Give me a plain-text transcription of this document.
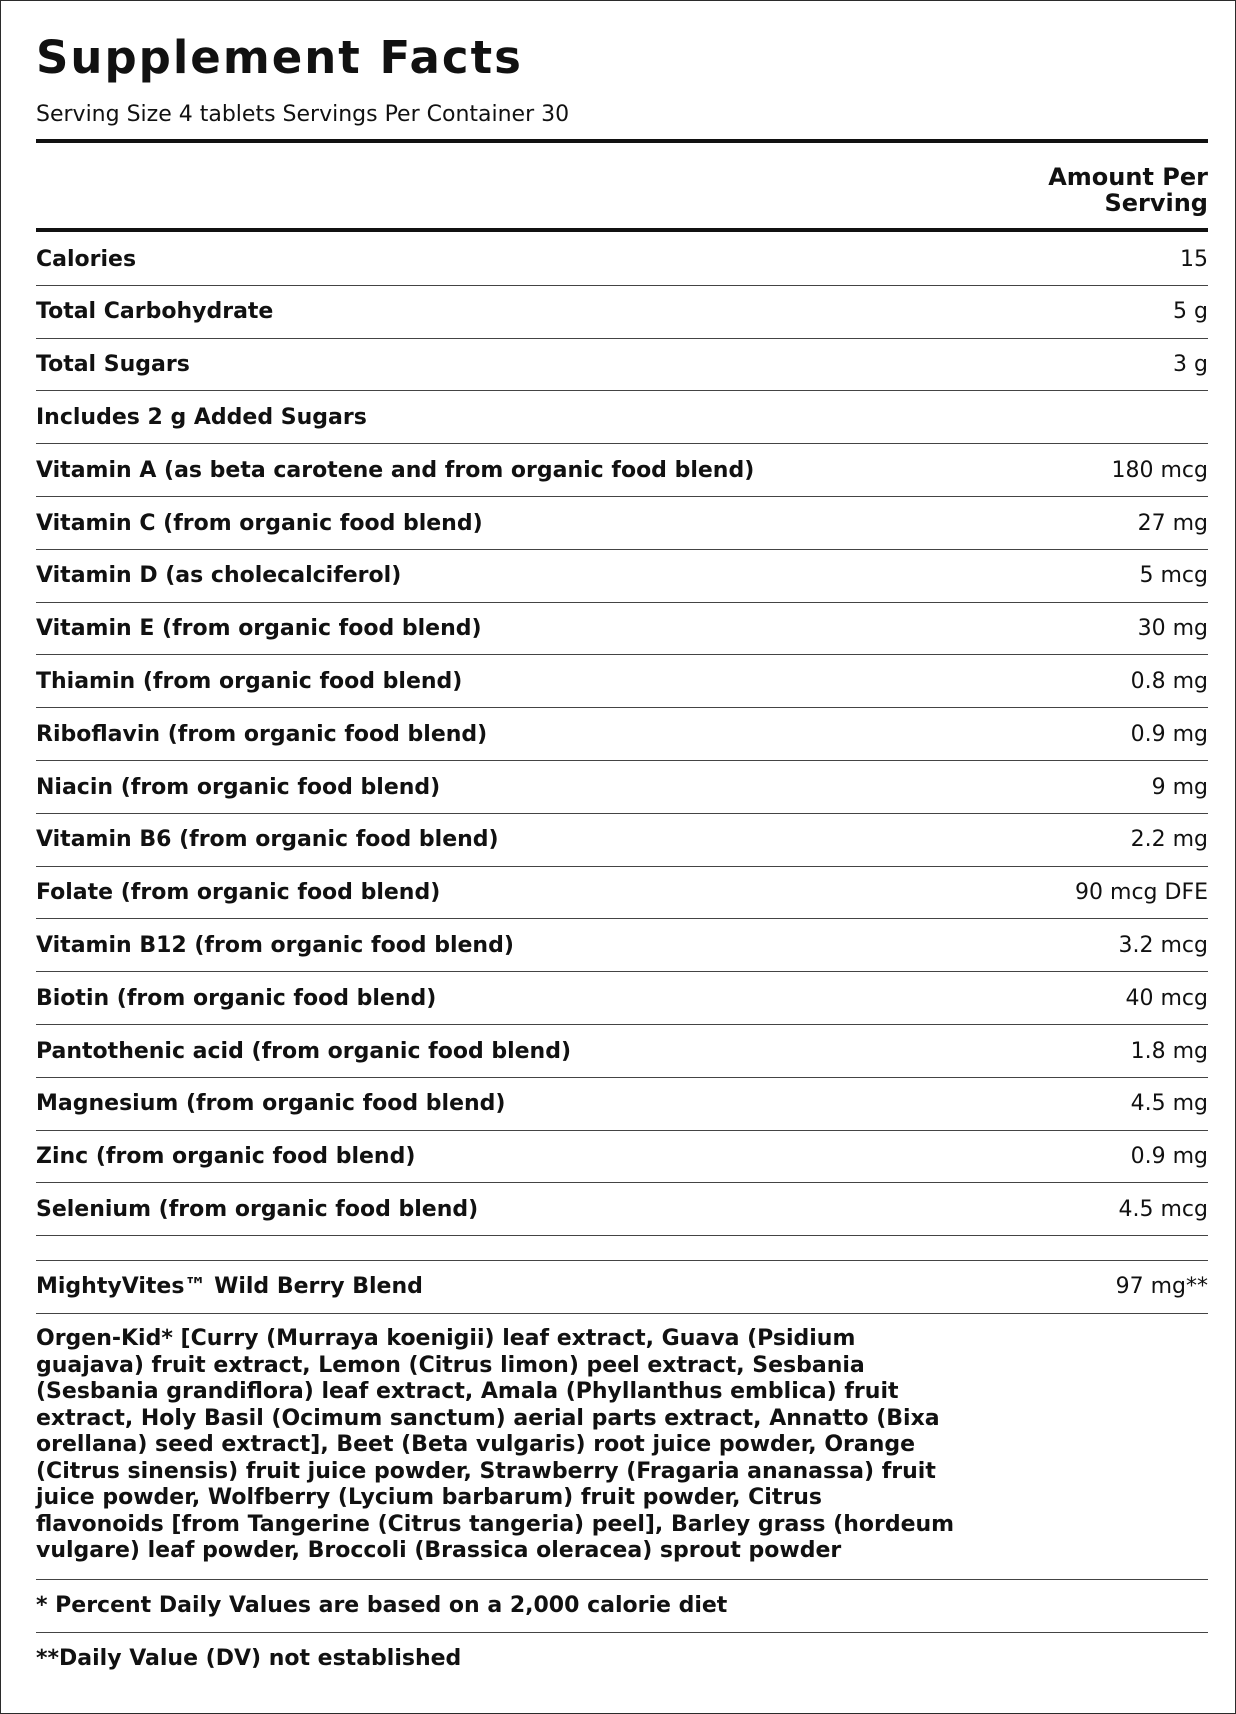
Supplement Facts
Serving Size 4 tablets Servings Per Container 30
Amount Per
Serving
Calories	15
Total Carbohydrate	5 g
Total Sugars	3 g
Includes 2 g Added Sugars
Vitamin A (as beta carotene and from organic food blend)	180 mcg
Vitamin C (from organic food blend)	27 mg
Vitamin D (as cholecalciferol)	5 mcg
Vitamin E (from organic food blend)	30 mg
Thiamin (from organic food blend)	0.8 mg
Riboflavin (from organic food blend)	0.9 mg
Niacin (from organic food blend)	9 mg
Vitamin B6 (from organic food blend)	2.2 mg
Folate (from organic food blend)	90 mcg DFE
Vitamin B12 (from organic food blend)	3.2 mcg
Biotin (from organic food blend)	40 mcg
Pantothenic acid (from organic food blend)	1.8 mg
Magnesium (from organic food blend)	4.5 mg
Zinc (from organic food blend)	0.9 mg
Selenium (from organic food blend)	4.5 mcg
MightyVites™ Wild Berry Blend	97 mg**
Orgen-Kid* [Curry (Murraya koenigii) leaf extract, Guava (Psidium guajava) fruit extract, Lemon (Citrus limon) peel extract, Sesbania (Sesbania grandiflora) leaf extract, Amala (Phyllanthus emblica) fruit extract, Holy Basil (Ocimum sanctum) aerial parts extract, Annatto (Bixa orellana) seed extract], Beet (Beta vulgaris) root juice powder, Orange (Citrus sinensis) fruit juice powder, Strawberry (Fragaria ananassa) fruit juice powder, Wolfberry (Lycium barbarum) fruit powder, Citrus flavonoids [from Tangerine (Citrus tangeria) peel], Barley grass (hordeum vulgare) leaf powder, Broccoli (Brassica oleracea) sprout powder
* Percent Daily Values are based on a 2,000 calorie diet
**Daily Value (DV) not established
